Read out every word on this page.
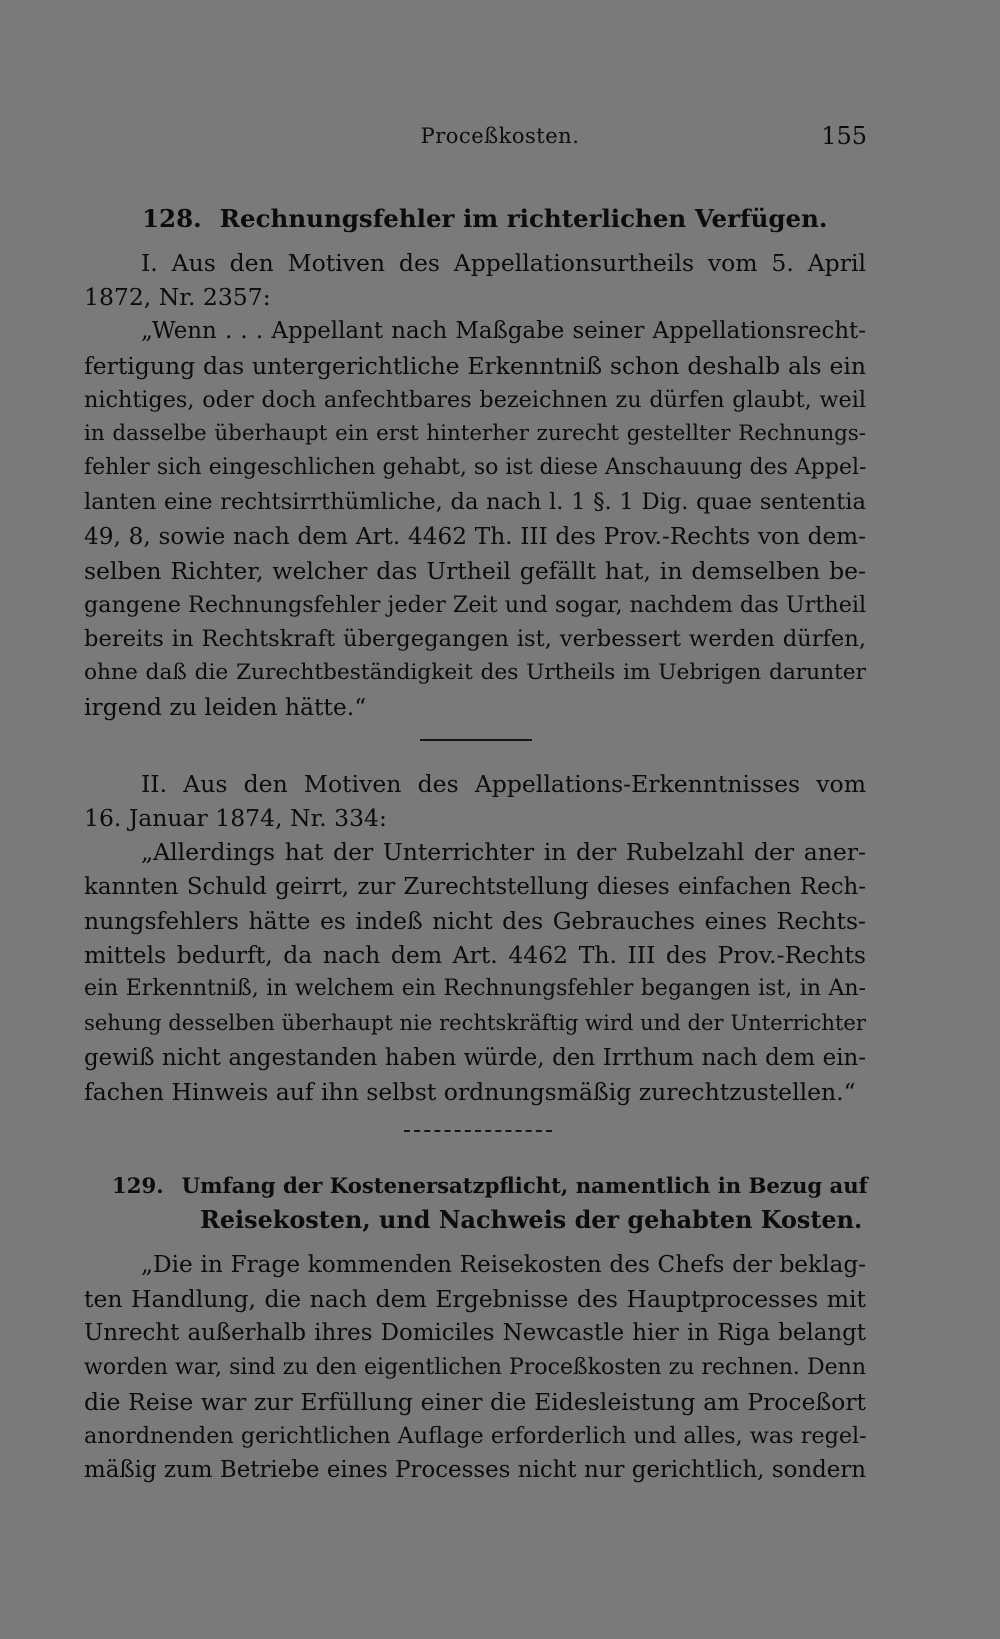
Proceßkosten.	155
128. Rechnungsfehler im richterlichen Verfügen.
I. Aus den Motiven des Appellationsurtheils vom 5. April
1872, Nr. 2357:
„Wenn . . . Appellant nach Maßgabe seiner Appellationsrecht-
fertigung das untergerichtliche Erkenntniß schon deshalb als ein
nichtiges, oder doch anfechtbares bezeichnen zu dürfen glaubt, weil
in dasselbe überhaupt ein erst hinterher zurecht gestellter Rechnungs-
fehler sich eingeschlichen gehabt, so ist diese Anschauung des Appel-
lanten eine rechtsirrthümliche, da nach l. 1 §. 1 Dig. quae sententia
49, 8, sowie nach dem Art. 4462 Th. III des Prov.-Rechts von dem-
selben Richter, welcher das Urtheil gefällt hat, in demselben be-
gangene Rechnungsfehler jeder Zeit und sogar, nachdem das Urtheil
bereits in Rechtskraft übergegangen ist, verbessert werden dürfen,
ohne daß die Zurechtbeständigkeit des Urtheils im Uebrigen darunter
irgend zu leiden hätte.“
II. Aus den Motiven des Appellations-Erkenntnisses vom
16. Januar 1874, Nr. 334:
„Allerdings hat der Unterrichter in der Rubelzahl der aner-
kannten Schuld geirrt, zur Zurechtstellung dieses einfachen Rech-
nungsfehlers hätte es indeß nicht des Gebrauches eines Rechts-
mittels bedurft, da nach dem Art. 4462 Th. III des Prov.-Rechts
ein Erkenntniß, in welchem ein Rechnungsfehler begangen ist, in An-
sehung desselben überhaupt nie rechtskräftig wird und der Unterrichter
gewiß nicht angestanden haben würde, den Irrthum nach dem ein-
fachen Hinweis auf ihn selbst ordnungsmäßig zurechtzustellen.“
129. Umfang der Kostenersatzpflicht, namentlich in Bezug auf
Reisekosten, und Nachweis der gehabten Kosten.
„Die in Frage kommenden Reisekosten des Chefs der beklag-
ten Handlung, die nach dem Ergebnisse des Hauptprocesses mit
Unrecht außerhalb ihres Domiciles Newcastle hier in Riga belangt
worden war, sind zu den eigentlichen Proceßkosten zu rechnen. Denn
die Reise war zur Erfüllung einer die Eidesleistung am Proceßort
anordnenden gerichtlichen Auflage erforderlich und alles, was regel-
mäßig zum Betriebe eines Processes nicht nur gerichtlich, sondern
